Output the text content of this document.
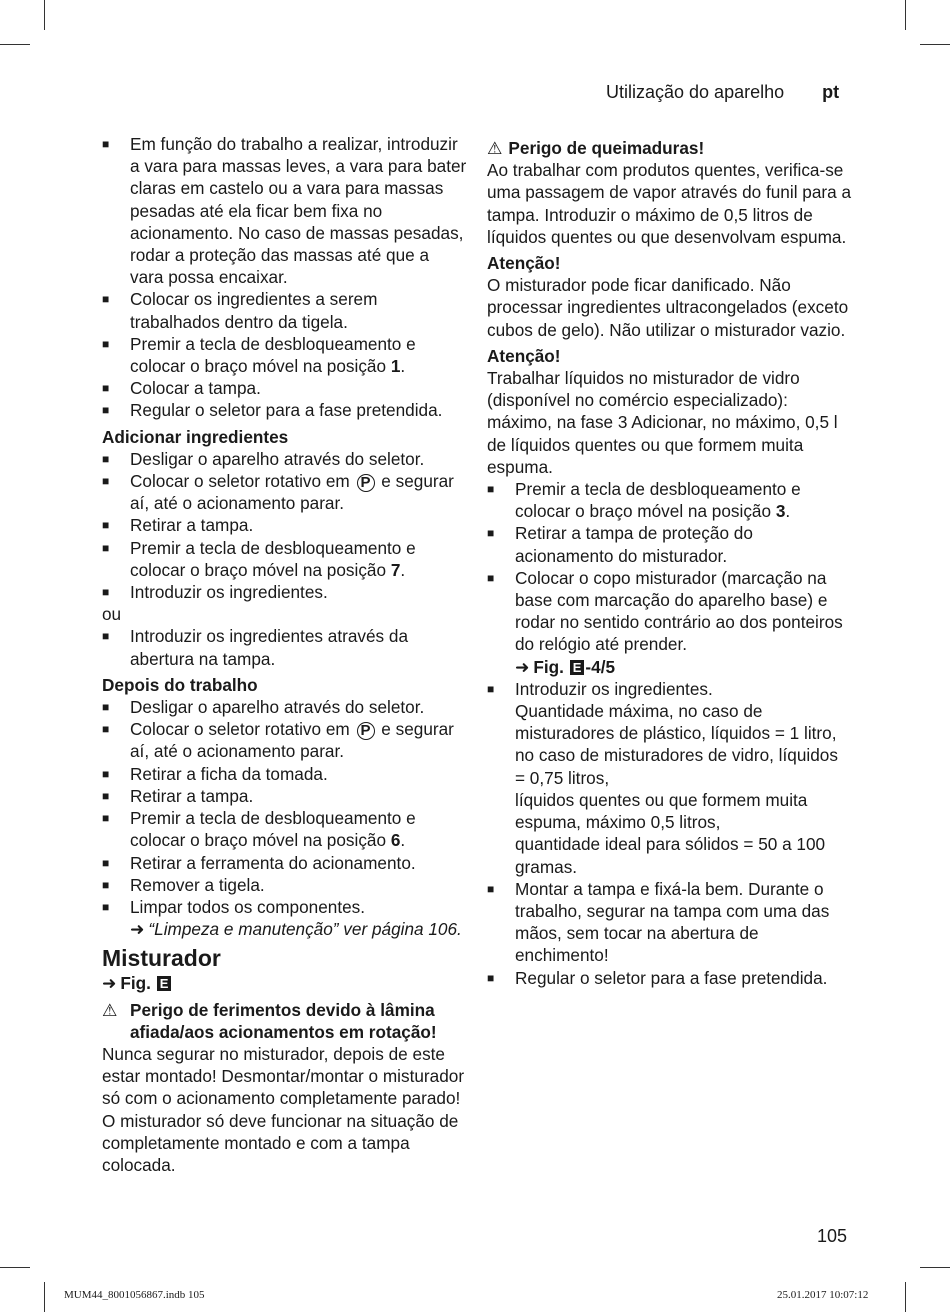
Utilização do aparelho pt
■ Em função do trabalho a realizar, introduzir a vara para massas leves, a vara para bater claras em castelo ou a vara para massas pesadas até ela ficar bem fixa no acionamento. No caso de massas pesadas, rodar a proteção das massas até que a vara possa encaixar.
■ Colocar os ingredientes a serem trabalhados dentro da tigela.
■ Premir a tecla de desbloqueamento e colocar o braço móvel na posição 1.
■ Colocar a tampa.
■ Regular o seletor para a fase pretendida.
Adicionar ingredientes
■ Desligar o aparelho através do seletor.
■ Colocar o seletor rotativo em P e segurar aí, até o acionamento parar.
■ Retirar a tampa.
■ Premir a tecla de desbloqueamento e colocar o braço móvel na posição 7.
■ Introduzir os ingredientes.
ou
■ Introduzir os ingredientes através da abertura na tampa.
Depois do trabalho
■ Desligar o aparelho através do seletor.
■ Colocar o seletor rotativo em P e segurar aí, até o acionamento parar.
■ Retirar a ficha da tomada.
■ Retirar a tampa.
■ Premir a tecla de desbloqueamento e colocar o braço móvel na posição 6.
■ Retirar a ferramenta do acionamento.
■ Remover a tigela.
■ Limpar todos os componentes.
➜ “Limpeza e manutenção” ver página 106.
Misturador
➜ Fig. E
⚠ Perigo de ferimentos devido à lâmina afiada/aos acionamentos em rotação!
Nunca segurar no misturador, depois de este estar montado! Desmontar/montar o misturador só com o acionamento completamente parado! O misturador só deve funcionar na situação de completamente montado e com a tampa colocada.
⚠ Perigo de queimaduras!
Ao trabalhar com produtos quentes, verifica-se uma passagem de vapor através do funil para a tampa. Introduzir o máximo de 0,5 litros de líquidos quentes ou que desenvolvam espuma.
Atenção!
O misturador pode ficar danificado. Não processar ingredientes ultracongelados (exceto cubos de gelo). Não utilizar o misturador vazio.
Atenção!
Trabalhar líquidos no misturador de vidro (disponível no comércio especializado): máximo, na fase 3 Adicionar, no máximo, 0,5 l de líquidos quentes ou que formem muita espuma.
■ Premir a tecla de desbloqueamento e colocar o braço móvel na posição 3.
■ Retirar a tampa de proteção do acionamento do misturador.
■ Colocar o copo misturador (marcação na base com marcação do aparelho base) e rodar no sentido contrário ao dos ponteiros do relógio até prender.
➜ Fig. E -4/5
■ Introduzir os ingredientes.
Quantidade máxima, no caso de misturadores de plástico, líquidos = 1 litro,
no caso de misturadores de vidro, líquidos = 0,75 litros,
líquidos quentes ou que formem muita espuma, máximo 0,5 litros,
quantidade ideal para sólidos = 50 a 100 gramas.
■ Montar a tampa e fixá-la bem. Durante o trabalho, segurar na tampa com uma das mãos, sem tocar na abertura de enchimento!
■ Regular o seletor para a fase pretendida.
105
MUM44_8001056867.indb 105	25.01.2017 10:07:12
